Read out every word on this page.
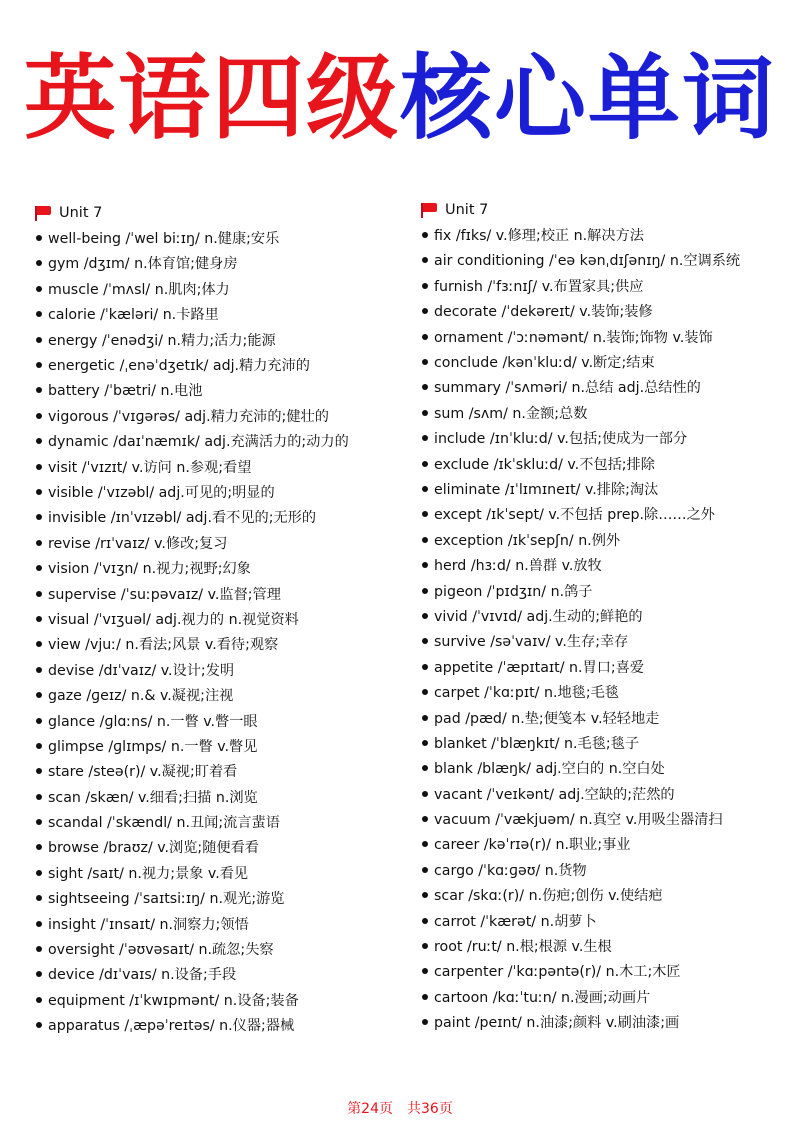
英语四级核心单词
Unit 7
well-being /ˈwel biːɪŋ/ n.健康;安乐
gym /dʒɪm/ n.体育馆;健身房
muscle /ˈmʌsl/ n.肌肉;体力
calorie /ˈkæləri/ n.卡路里
energy /ˈenədʒi/ n.精力;活力;能源
energetic /ˌenəˈdʒetɪk/ adj.精力充沛的
battery /ˈbætri/ n.电池
vigorous /ˈvɪɡərəs/ adj.精力充沛的;健壮的
dynamic /daɪˈnæmɪk/ adj.充满活力的;动力的
visit /ˈvɪzɪt/ v.访问 n.参观;看望
visible /ˈvɪzəbl/ adj.可见的;明显的
invisible /ɪnˈvɪzəbl/ adj.看不见的;无形的
revise /rɪˈvaɪz/ v.修改;复习
vision /ˈvɪʒn/ n.视力;视野;幻象
supervise /ˈsuːpəvaɪz/ v.监督;管理
visual /ˈvɪʒuəl/ adj.视力的 n.视觉资料
view /vjuː/ n.看法;风景 v.看待;观察
devise /dɪˈvaɪz/ v.设计;发明
gaze /ɡeɪz/ n.& v.凝视;注视
glance /ɡlɑːns/ n.一瞥 v.瞥一眼
glimpse /ɡlɪmps/ n.一瞥 v.瞥见
stare /steə(r)/ v.凝视;盯着看
scan /skæn/ v.细看;扫描 n.浏览
scandal /ˈskændl/ n.丑闻;流言蜚语
browse /braʊz/ v.浏览;随便看看
sight /saɪt/ n.视力;景象 v.看见
sightseeing /ˈsaɪtsiːɪŋ/ n.观光;游览
insight /ˈɪnsaɪt/ n.洞察力;领悟
oversight /ˈəʊvəsaɪt/ n.疏忽;失察
device /dɪˈvaɪs/ n.设备;手段
equipment /ɪˈkwɪpmənt/ n.设备;装备
apparatus /ˌæpəˈreɪtəs/ n.仪器;器械
Unit 7
fix /fɪks/ v.修理;校正 n.解决方法
air conditioning /ˈeə kənˌdɪʃənɪŋ/ n.空调系统
furnish /ˈfɜːnɪʃ/ v.布置家具;供应
decorate /ˈdekəreɪt/ v.装饰;装修
ornament /ˈɔːnəmənt/ n.装饰;饰物 v.装饰
conclude /kənˈkluːd/ v.断定;结束
summary /ˈsʌməri/ n.总结 adj.总结性的
sum /sʌm/ n.金额;总数
include /ɪnˈkluːd/ v.包括;使成为一部分
exclude /ɪkˈskluːd/ v.不包括;排除
eliminate /ɪˈlɪmɪneɪt/ v.排除;淘汰
except /ɪkˈsept/ v.不包括 prep.除……之外
exception /ɪkˈsepʃn/ n.例外
herd /hɜːd/ n.兽群 v.放牧
pigeon /ˈpɪdʒɪn/ n.鸽子
vivid /ˈvɪvɪd/ adj.生动的;鲜艳的
survive /səˈvaɪv/ v.生存;幸存
appetite /ˈæpɪtaɪt/ n.胃口;喜爱
carpet /ˈkɑːpɪt/ n.地毯;毛毯
pad /pæd/ n.垫;便笺本 v.轻轻地走
blanket /ˈblæŋkɪt/ n.毛毯;毯子
blank /blæŋk/ adj.空白的 n.空白处
vacant /ˈveɪkənt/ adj.空缺的;茫然的
vacuum /ˈvækjuəm/ n.真空 v.用吸尘器清扫
career /kəˈrɪə(r)/ n.职业;事业
cargo /ˈkɑːɡəʊ/ n.货物
scar /skɑː(r)/ n.伤疤;创伤 v.使结疤
carrot /ˈkærət/ n.胡萝卜
root /ruːt/ n.根;根源 v.生根
carpenter /ˈkɑːpəntə(r)/ n.木工;木匠
cartoon /kɑːˈtuːn/ n.漫画;动画片
paint /peɪnt/ n.油漆;颜料 v.刷油漆;画
第24页 共36页
